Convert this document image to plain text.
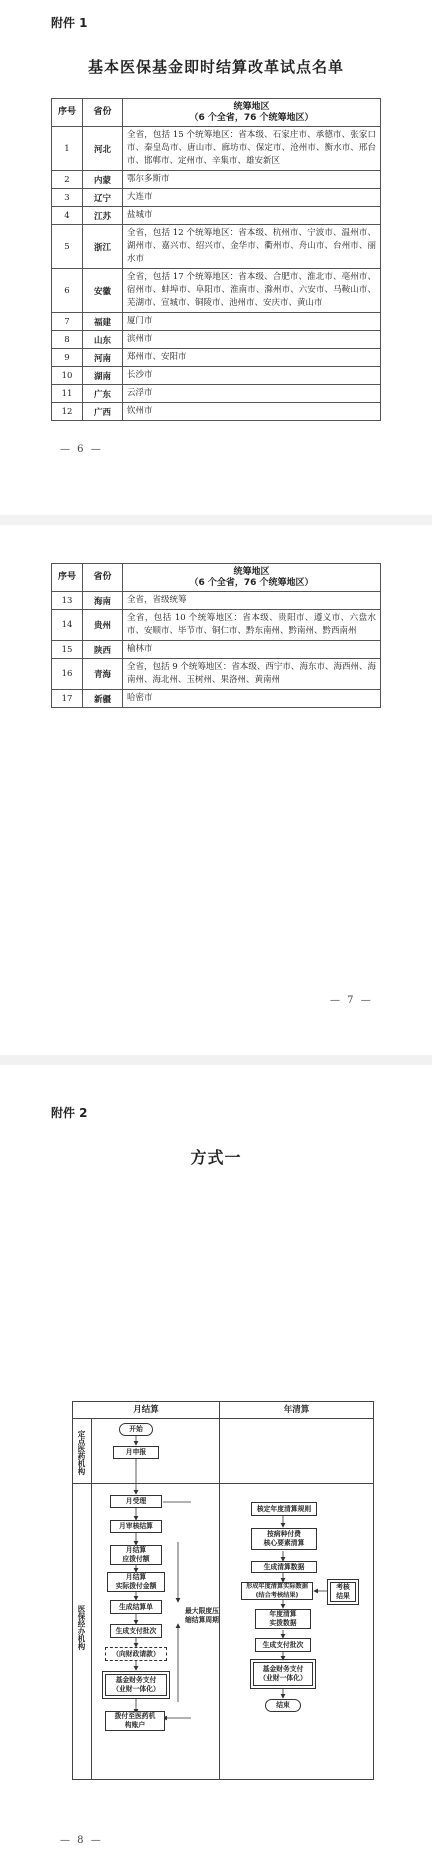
附件 1
基本医保基金即时结算改革试点名单
序号	省份	统筹地区
（6 个全省，76 个统筹地区）

1	河北	全省，包括 15 个统筹地区：省本级、石家庄市、承德市、张家口市、秦皇岛市、唐山市、廊坊市、保定市、沧州市、衡水市、邢台市、邯郸市、定州市、辛集市、雄安新区
2	内蒙	鄂尔多斯市
3	辽宁	大连市
4	江苏	盐城市
5	浙江	全省，包括 12 个统筹地区：省本级、杭州市、宁波市、温州市、湖州市、嘉兴市、绍兴市、金华市、衢州市、舟山市、台州市、丽水市
6	安徽	全省，包括 17 个统筹地区：省本级、合肥市、淮北市、亳州市、宿州市、蚌埠市、阜阳市、淮南市、滁州市、六安市、马鞍山市、芜湖市、宣城市、铜陵市、池州市、安庆市、黄山市
7	福建	厦门市
8	山东	滨州市
9	河南	郑州市、安阳市
10	湖南	长沙市
11	广东	云浮市
12	广西	钦州市
— 6 —
序号	省份	统筹地区
（6 个全省，76 个统筹地区）

13	海南	全省，省级统筹
14	贵州	全省，包括 10 个统筹地区：省本级、贵阳市、遵义市、六盘水市、安顺市、毕节市、铜仁市、黔东南州、黔南州、黔西南州
15	陕西	榆林市
16	青海	全省，包括 9 个统筹地区：省本级、西宁市、海东市、海西州、海南州、海北州、玉树州、果洛州、黄南州
17	新疆	哈密市
— 7 —
附件 2
方式一
— 8 —
月结算	年清算
定点医药机构
医保经办机构
开始
月申报
月受理
月审核结算
月结算
应拨付额
月结算
实际拨付金额
生成结算单
生成支付批次
（向财政请款）
基金财务支付
（业财一体化）
拨付至医药机
构账户
最大限度压
缩结算周期
核定年度清算规则
按病种付费
核心要素清算
生成清算数据
形成年度清算实际数据
(结合考核结果)
考核
结果
年度清算
实拨数据
生成支付批次
基金财务支付
（业财一体化）
结束
